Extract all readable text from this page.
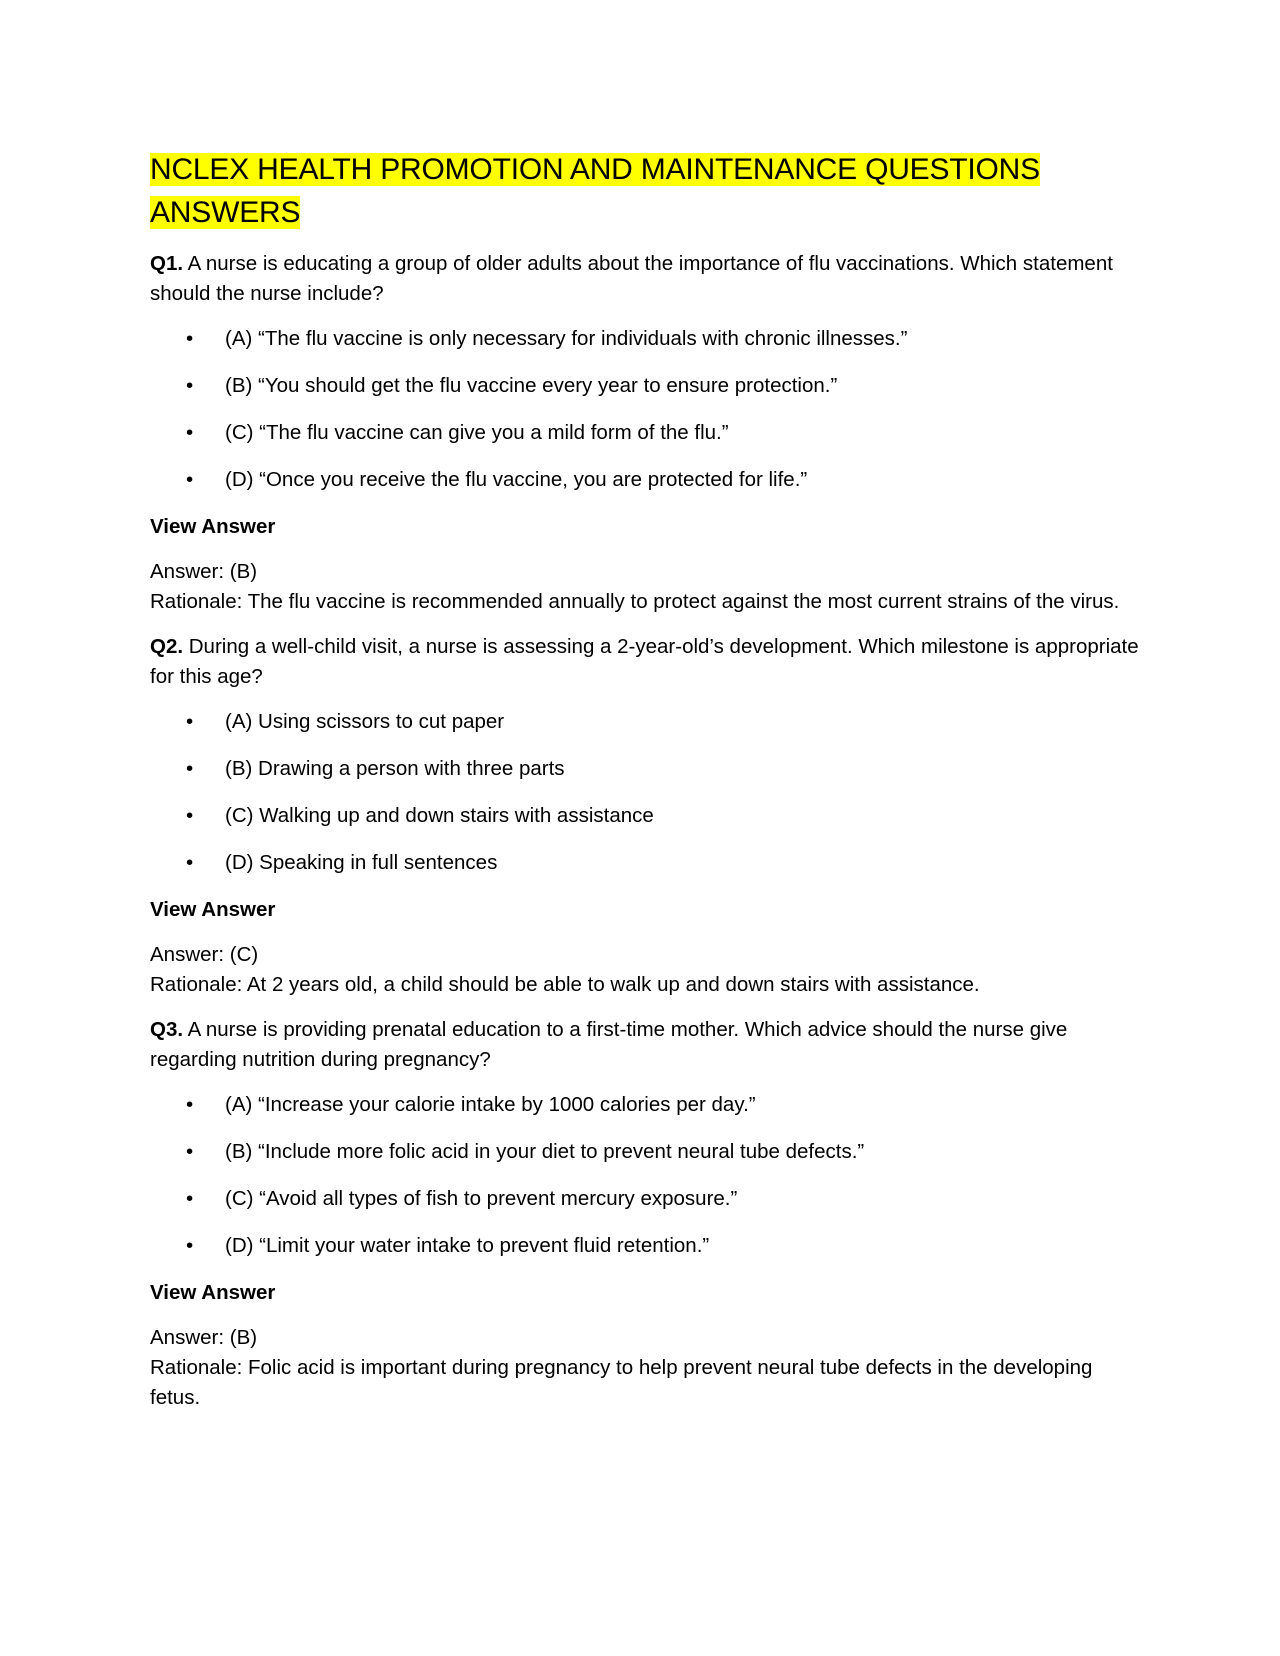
NCLEX HEALTH PROMOTION AND MAINTENANCE QUESTIONS ANSWERS

Q1. A nurse is educating a group of older adults about the importance of flu vaccinations. Which statement should the nurse include?

• (A) “The flu vaccine is only necessary for individuals with chronic illnesses.”
• (B) “You should get the flu vaccine every year to ensure protection.”
• (C) “The flu vaccine can give you a mild form of the flu.”
• (D) “Once you receive the flu vaccine, you are protected for life.”
View Answer
Answer: (B)
Rationale: The flu vaccine is recommended annually to protect against the most current strains of the virus.

Q2. During a well-child visit, a nurse is assessing a 2-year-old’s development. Which milestone is appropriate for this age?

• (A) Using scissors to cut paper
• (B) Drawing a person with three parts
• (C) Walking up and down stairs with assistance
• (D) Speaking in full sentences
View Answer
Answer: (C)
Rationale: At 2 years old, a child should be able to walk up and down stairs with assistance.

Q3. A nurse is providing prenatal education to a first-time mother. Which advice should the nurse give regarding nutrition during pregnancy?

• (A) “Increase your calorie intake by 1000 calories per day.”
• (B) “Include more folic acid in your diet to prevent neural tube defects.”
• (C) “Avoid all types of fish to prevent mercury exposure.”
• (D) “Limit your water intake to prevent fluid retention.”
View Answer
Answer: (B)
Rationale: Folic acid is important during pregnancy to help prevent neural tube defects in the developing fetus.
